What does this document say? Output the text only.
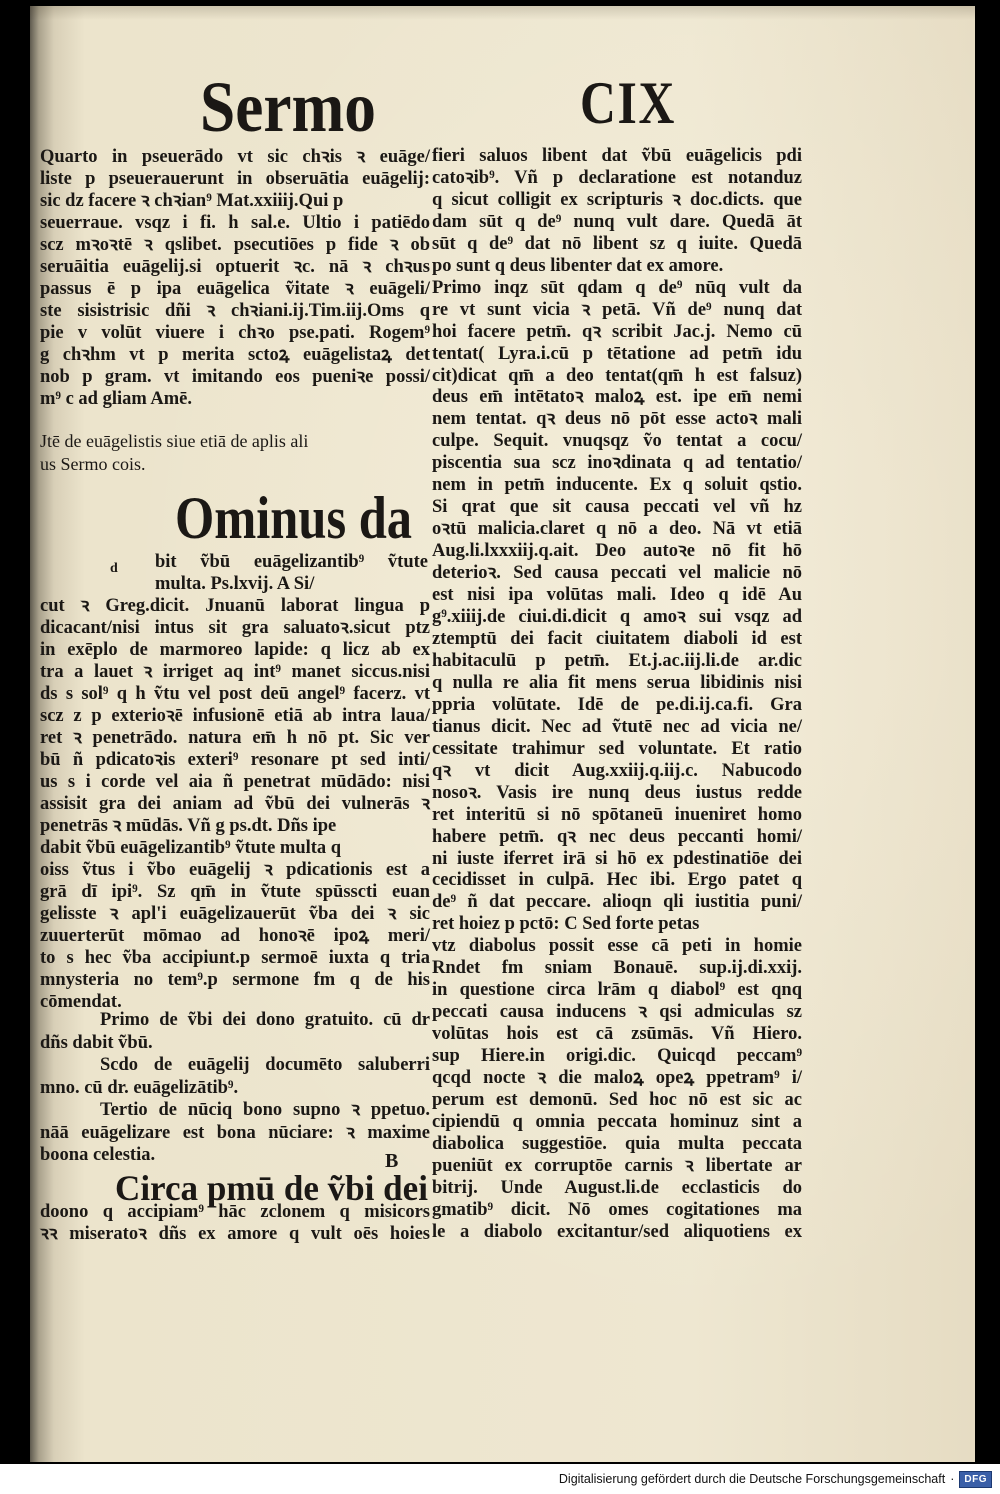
Sermo	CIX
Quarto in pseuerādo vt sic chꝛis ꝛ euāge/
liste p pseuerauerunt in obseruātia euāgelij:
sic dz facere ꝛ chꝛian⁹ Mat.xxiiij.Qui p
seuerraue. vsqz i fi. h sal.e. Ultio i patiēdo
scz mꝛoꝛtē ꝛ qslibet. psecutiōes p fide ꝛ ob
seruāitia euāgelij.si optuerit ꝛc. nā ꝛ chꝛus
passus ē p ipa euāgelica ṽitate ꝛ euāgeli/
ste sisistrisic dñi ꝛ chꝛiani.ij.Tim.iij.Oms q
pie v volūt viuere i chꝛo pse.pati. Rogem⁹
g chꝛhm vt p merita sctoꝝ euāgelistaꝝ det
nob p gram. vt imitando eos pueniꝛe possi/
m⁹ c ad gliam Amē.
Jtē de euāgelistis siue etiā de aplis ali
us Sermo cois.
Ominus da
d bit ṽbū euāgelizantib⁹ ṽtute
multa. Ps.lxvij. A Si/
cut ꝛ Greg.dicit. Jnuanū laborat lingua p
dicacant/nisi intus sit gra saluatoꝛ.sicut ptz
in exēplo de marmoreo lapide: q licz ab ex
tra a lauet ꝛ irriget aq int⁹ manet siccus.nisi
ds s sol⁹ q h ṽtu vel post deū angel⁹ facerz. vt
scz z p exterioꝛē infusionē etiā ab intra laua/
ret ꝛ penetrādo. natura em̄ h nō pt. Sic ver
bū ñ pdicatoꝛis exteri⁹ resonare pt sed inti/
us s i corde vel aia ñ penetrat mūdādo: nisi
assisit gra dei aniam ad ṽbū dei vulnerās ꝛ
penetrās ꝛ mūdās. Vñ g ps.dt. Dñs ipe
dabit ṽbū euāgelizantib⁹ ṽtute multa q
oiss ṽtus i ṽbo euāgelij ꝛ pdicationis est a
grā dī ipi⁹. Sz qm̄ in ṽtute spūsscti euan
gelisste ꝛ apl'i euāgelizauerūt ṽba dei ꝛ sic
zuuerterūt mōmao ad honoꝛē ipoꝝ meri/
to s hec ṽba accipiunt.p sermoē iuxta q tria
mnysteria no tem⁹.p sermone fm q de his
cōmendat.
Primo de ṽbi dei dono gratuito. cū dr
dñs dabit ṽbū.
Scdo de euāgelij documēto saluberri
mno. cū dr. euāgelizātib⁹.
Tertio de nūciq bono supno ꝛ ppetuo.
nāā euāgelizare est bona nūciare: ꝛ maxime
boona celestia.	B
Circa pmū de ṽbi dei
doono q accipiam⁹ hāc zclonem q misicors
ꝛꝛ miseratoꝛ dñs ex amore q vult oēs hoies
fieri saluos libent dat ṽbū euāgelicis pdi
catoꝛib⁹. Vñ p declaratione est notanduz
q sicut colligit ex scripturis ꝛ doc.dicts. que
dam sūt q de⁹ nunq vult dare. Quedā āt
sūt q de⁹ dat nō libent sz q iuite. Quedā
po sunt q deus libenter dat ex amore.
Primo inqz sūt qdam q de⁹ nūq vult da
re vt sunt vicia ꝛ petā. Vñ de⁹ nunq dat
hoi facere petm̄. qꝛ scribit Jac.j. Nemo cū
tentat( Lyra.i.cū p tētatione ad petm̄ idu
cit)dicat qm̄ a deo tentat(qm̄ h est falsuz)
deus em̄ intētatoꝛ maloꝝ est. ipe em̄ nemi
nem tentat. qꝛ deus nō pōt esse actoꝛ mali
culpe. Sequit. vnuqsqz ṽo tentat a cocu/
piscentia sua scz inoꝛdinata q ad tentatio/
nem in petm̄ inducente. Ex q soluit qstio.
Si qrat que sit causa peccati vel vñ hz
oꝛtū malicia.claret q nō a deo. Nā vt etiā
Aug.li.lxxxiij.q.ait. Deo autoꝛe nō fit hō
deterioꝛ. Sed causa peccati vel malicie nō
est nisi ipa volūtas mali. Ideo q idē Au
g⁹.xiiij.de ciui.di.dicit q amoꝛ sui vsqz ad
ztemptū dei facit ciuitatem diaboli id est
habitaculū p petm̄. Et.j.ac.iij.li.de ar.dic
q nulla re alia fit mens serua libidinis nisi
ppria volūtate. Idē de pe.di.ij.ca.fi. Gra
tianus dicit. Nec ad ṽtutē nec ad vicia ne/
cessitate trahimur sed voluntate. Et ratio
qꝛ vt dicit Aug.xxiij.q.iij.c. Nabucodo
nosoꝛ. Vasis ire nunq deus iustus redde
ret interitū si nō spōtaneū inueniret homo
habere petm̄. qꝛ nec deus peccanti homi/
ni iuste iferret irā si hō ex pdestinatiōe dei
cecidisset in culpā. Hec ibi. Ergo patet q
de⁹ ñ dat peccare. alioqn qli iustitia puni/
ret hoiez p pctō: C Sed forte petas
vtz diabolus possit esse cā peti in homie
Rndet fm sniam Bonauē. sup.ij.di.xxij.
in questione circa lrām q diabol⁹ est qnq
peccati causa inducens ꝛ qsi admiculas sz
volūtas hois est cā zsūmās. Vñ Hiero.
sup Hiere.in origi.dic. Quicqd peccam⁹
qcqd nocte ꝛ die maloꝝ opeꝝ ppetram⁹ i/
perum est demonū. Sed hoc nō est sic ac
cipiendū q omnia peccata hominuz sint a
diabolica suggestiōe. quia multa peccata
pueniūt ex corruptōe carnis ꝛ libertate ar
bitrij. Unde August.li.de ecclasticis do
gmatib⁹ dicit. Nō omes cogitationes ma
le a diabolo excitantur/sed aliquotiens ex
Digitalisierung gefördert durch die Deutsche Forschungsgemeinschaft ·	DFG
